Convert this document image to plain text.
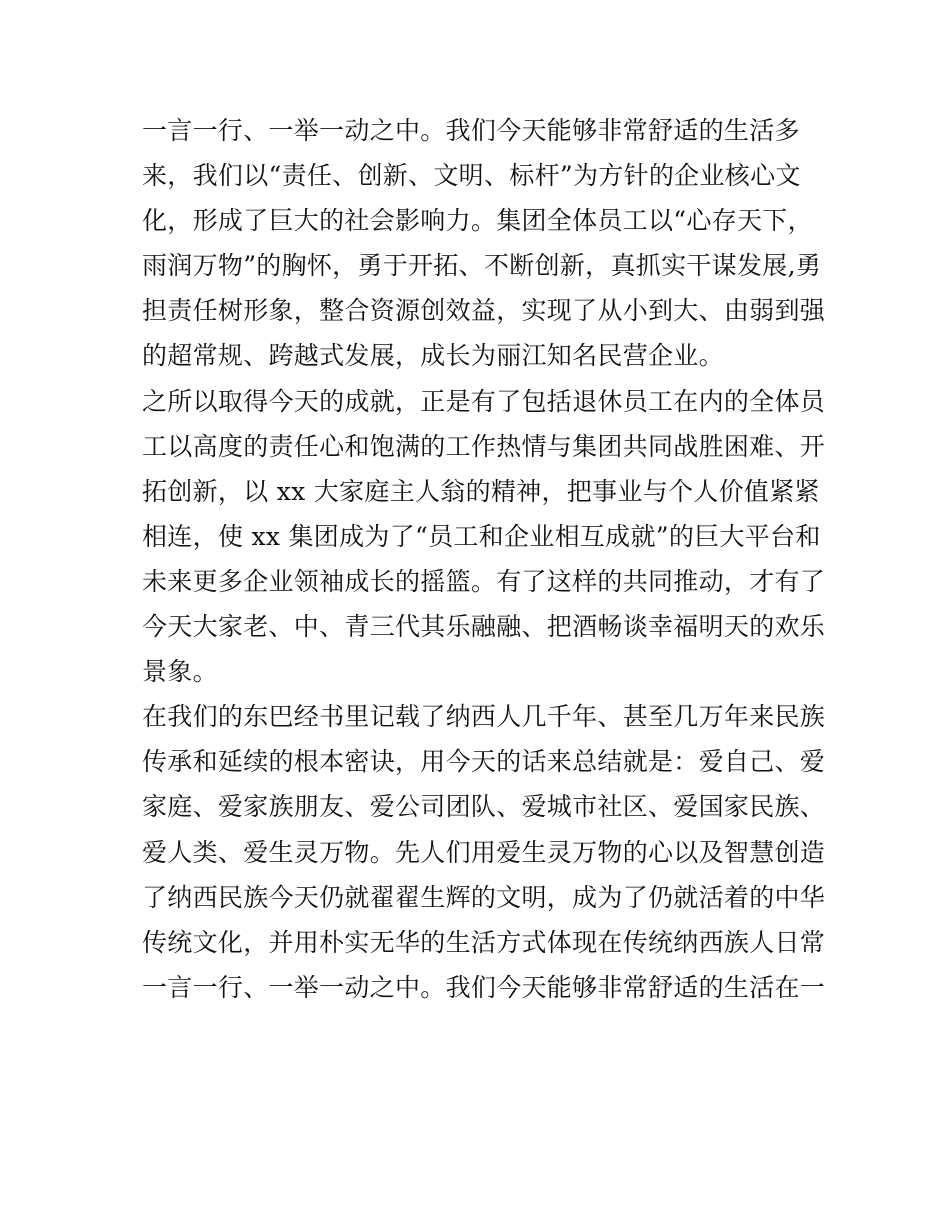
一言一行、一举一动之中。我们今天能够非常舒适的生活多
来，我们以“责任、创新、文明、标杆”为方针的企业核心文
化，形成了巨大的社会影响力。集团全体员工以“心存天下，
雨润万物”的胸怀，勇于开拓、不断创新，真抓实干谋发展,勇
担责任树形象，整合资源创效益，实现了从小到大、由弱到强
的超常规、跨越式发展，成长为丽江知名民营企业。
之所以取得今天的成就，正是有了包括退休员工在内的全体员
工以高度的责任心和饱满的工作热情与集团共同战胜困难、开
拓创新，以 xx 大家庭主人翁的精神，把事业与个人价值紧紧
相连，使 xx 集团成为了“员工和企业相互成就”的巨大平台和
未来更多企业领袖成长的摇篮。有了这样的共同推动，才有了
今天大家老、中、青三代其乐融融、把酒畅谈幸福明天的欢乐
景象。
在我们的东巴经书里记载了纳西人几千年、甚至几万年来民族
传承和延续的根本密诀，用今天的话来总结就是：爱自己、爱
家庭、爱家族朋友、爱公司团队、爱城市社区、爱国家民族、
爱人类、爱生灵万物。先人们用爱生灵万物的心以及智慧创造
了纳西民族今天仍就翟翟生辉的文明，成为了仍就活着的中华
传统文化，并用朴实无华的生活方式体现在传统纳西族人日常
一言一行、一举一动之中。我们今天能够非常舒适的生活在一
